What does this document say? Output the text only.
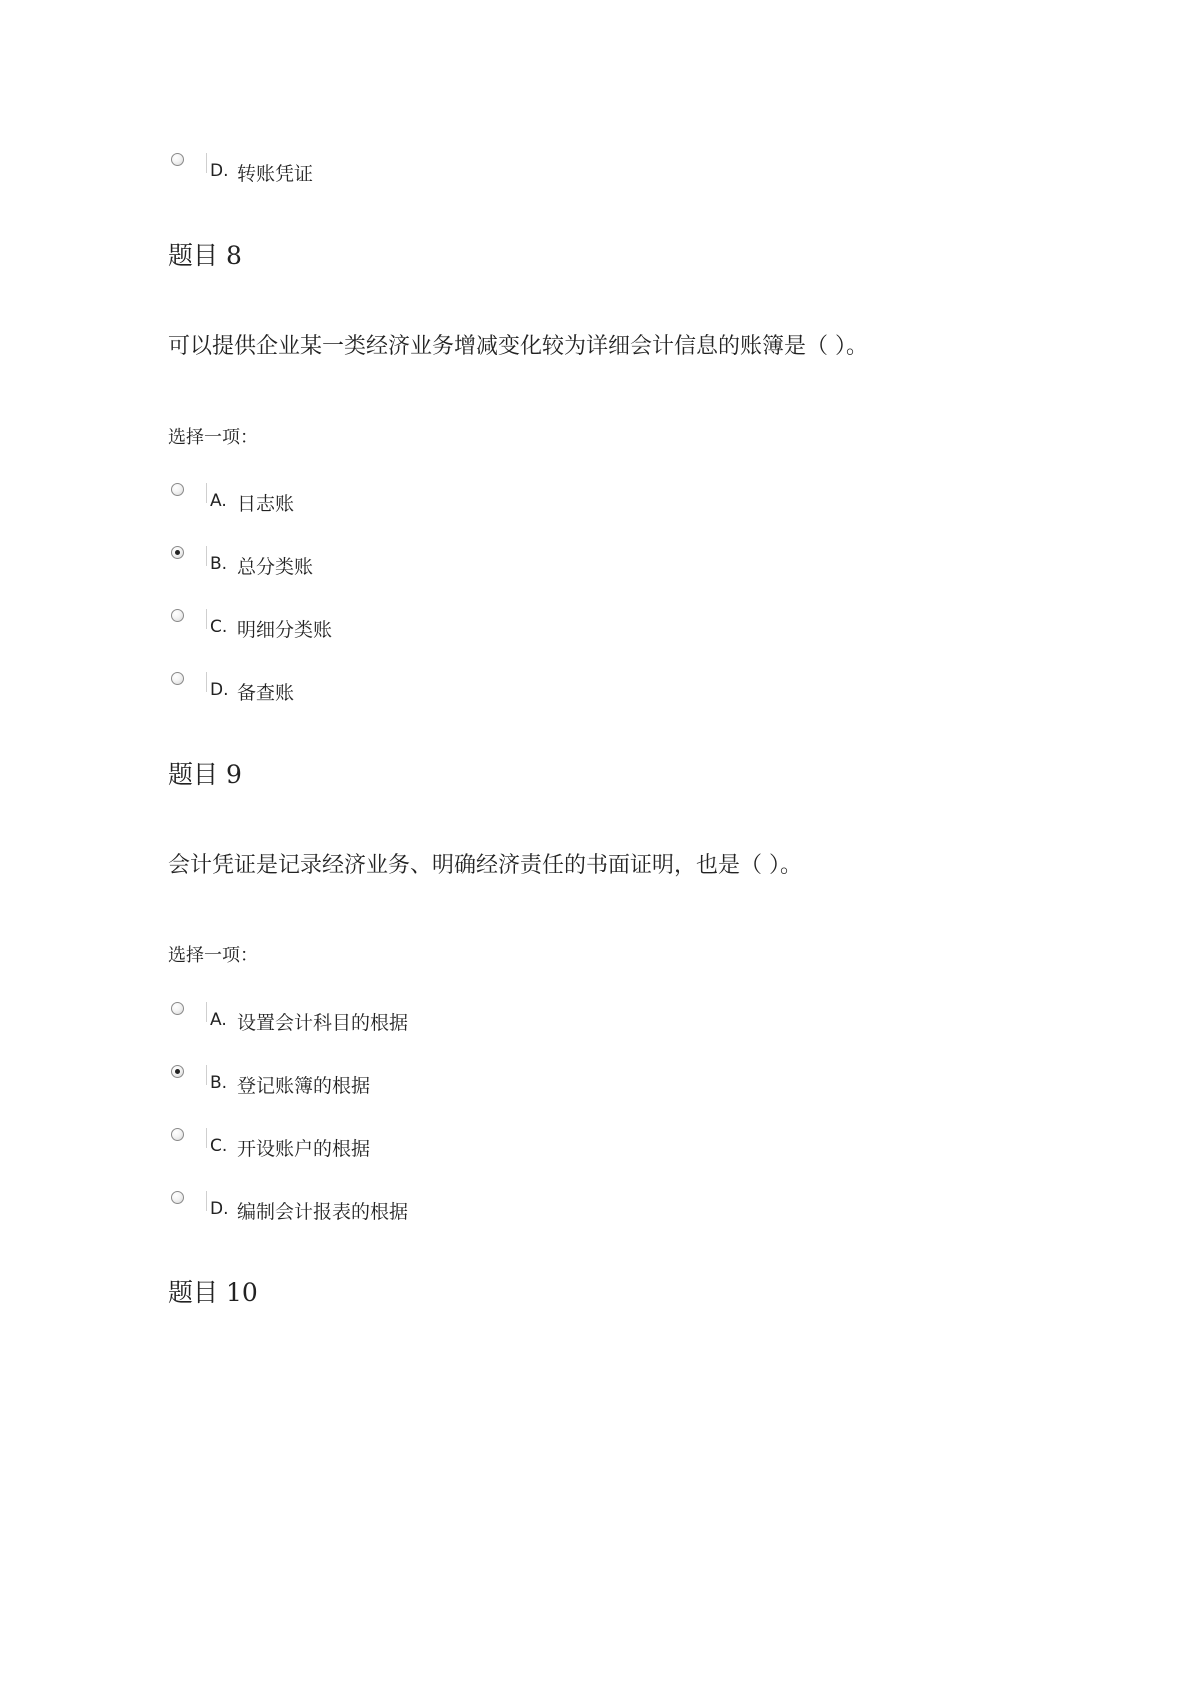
D. 转账凭证
题目 8
可以提供企业某一类经济业务增减变化较为详细会计信息的账簿是（ ）。
选择一项：
A. 日志账
B. 总分类账
C. 明细分类账
D. 备查账
题目 9
会计凭证是记录经济业务、明确经济责任的书面证明，也是（ ）。
选择一项：
A. 设置会计科目的根据
B. 登记账簿的根据
C. 开设账户的根据
D. 编制会计报表的根据
题目 10
